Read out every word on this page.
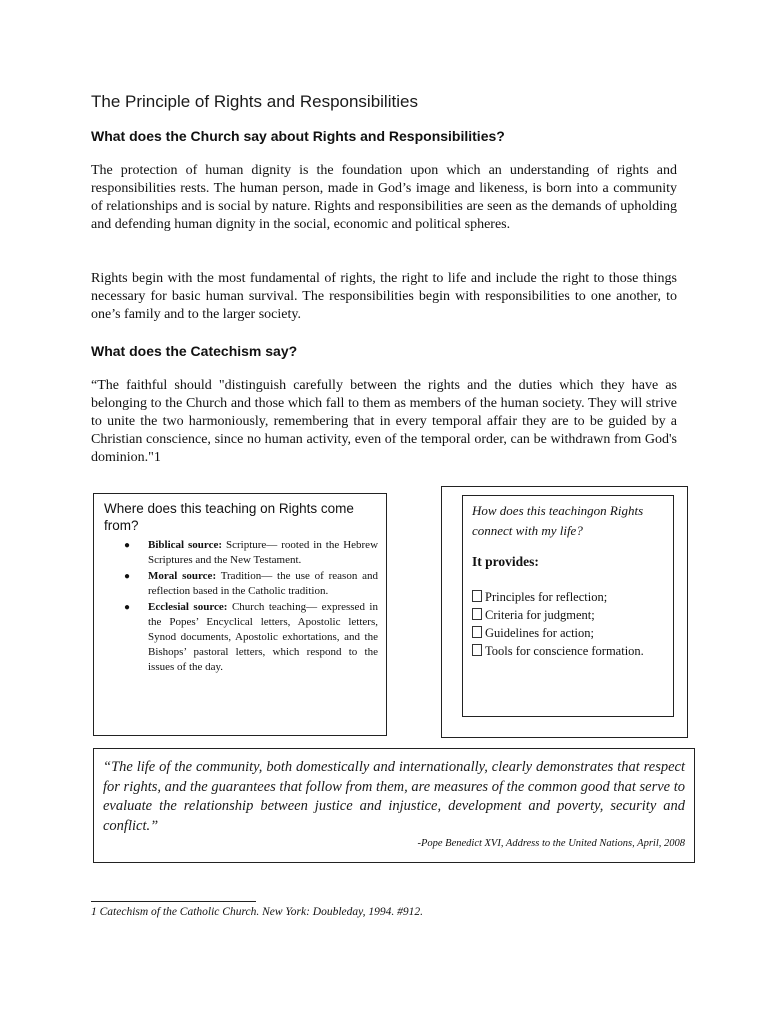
The Principle of Rights and Responsibilities
What does the Church say about Rights and Responsibilities?

The protection of human dignity is the foundation upon which an understanding of rights and responsibilities rests. The human person, made in God’s image and likeness, is born into a community of relationships and is social by nature. Rights and responsibilities are seen as the demands of upholding and defending human dignity in the social, economic and political spheres.

Rights begin with the most fundamental of rights, the right to life and include the right to those things necessary for basic human survival. The responsibilities begin with responsibilities to one another, to one’s family and to the larger society.

What does the Catechism say?

“The faithful should "distinguish carefully between the rights and the duties which they have as belonging to the Church and those which fall to them as members of the human society. They will strive to unite the two harmoniously, remembering that in every temporal affair they are to be guided by a Christian conscience, since no human activity, even of the temporal order, can be withdrawn from God's dominion."1

Where does this teaching on Rights come from?

● Biblical source: Scripture— rooted in the Hebrew Scriptures and the New Testament.
● Moral source: Tradition— the use of reason and reflection based in the Catholic tradition.
● Ecclesial source: Church teaching— expressed in the Popes’ Encyclical letters, Apostolic letters, Synod documents, Apostolic exhortations, and the Bishops’ pastoral letters, which respond to the issues of the day.

How does this teachingon Rights connect with my life?

It provides:

Principles for reflection;

Criteria for judgment;

Guidelines for action;

Tools for conscience formation.

“The life of the community, both domestically and internationally, clearly demonstrates that respect for rights, and the guarantees that follow from them, are measures of the common good that serve to evaluate the relationship between justice and injustice, development and poverty, security and conflict.”

-Pope Benedict XVI, Address to the United Nations, April, 2008

1 Catechism of the Catholic Church. New York: Doubleday, 1994. #912.
